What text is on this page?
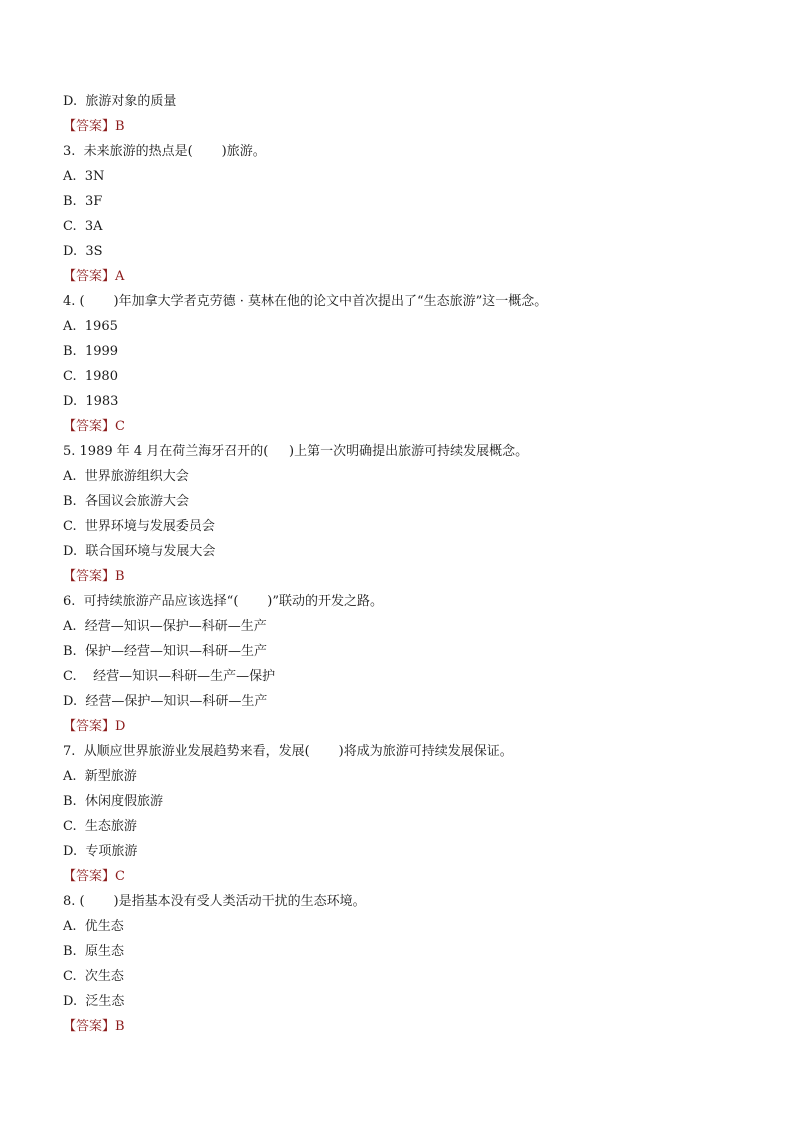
D.  旅游对象的质量
【答案】B
3.  未来旅游的热点是(       )旅游。
A.  3N
B.  3F
C.  3A
D.  3S
【答案】A
4. (       )年加拿大学者克劳德 · 莫林在他的论文中首次提出了“生态旅游”这一概念。
A.  1965
B.  1999
C.  1980
D.  1983
【答案】C
5. 1989 年 4 月在荷兰海牙召开的(     )上第一次明确提出旅游可持续发展概念。
A.  世界旅游组织大会
B.  各国议会旅游大会
C.  世界环境与发展委员会
D.  联合国环境与发展大会
【答案】B
6.  可持续旅游产品应该选择“(       )”联动的开发之路。
A.  经营—知识—保护—科研—生产
B.  保护—经营—知识—科研—生产
C.    经营—知识—科研—生产—保护
D.  经营—保护—知识—科研—生产
【答案】D
7.  从顺应世界旅游业发展趋势来看，发展(       )将成为旅游可持续发展保证。
A.  新型旅游
B.  休闲度假旅游
C.  生态旅游
D.  专项旅游
【答案】C
8. (       )是指基本没有受人类活动干扰的生态环境。
A.  优生态
B.  原生态
C.  次生态
D.  泛生态
【答案】B
